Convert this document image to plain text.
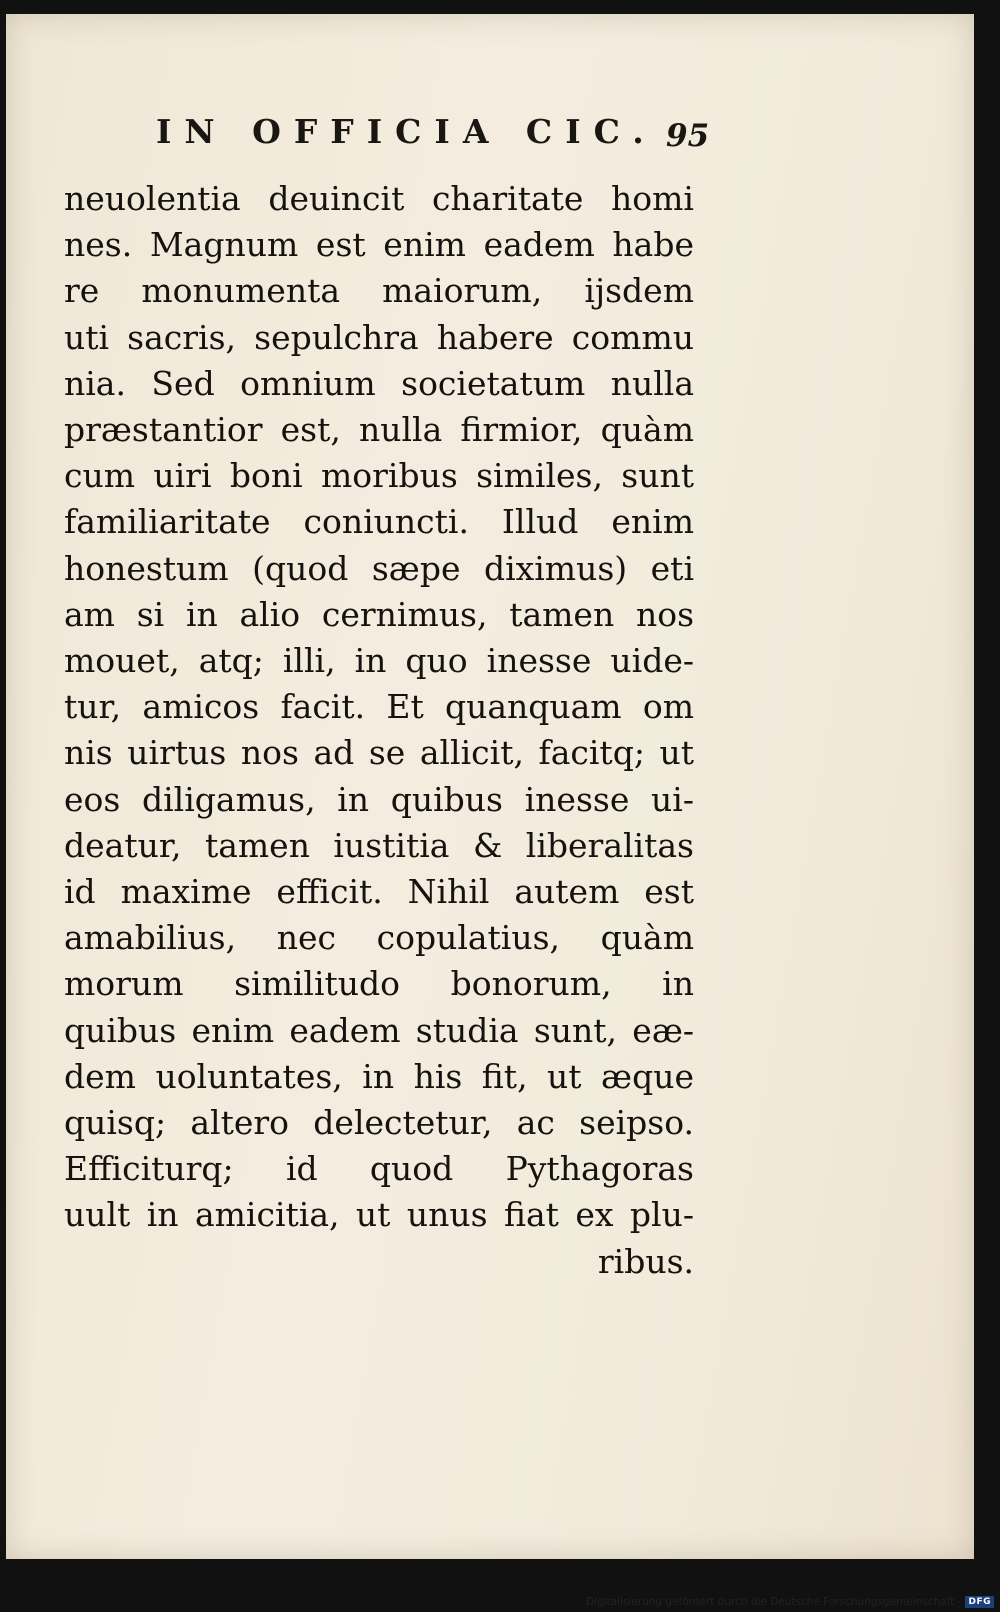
IN OFFICIA CIC. 95
neuolentia deuincit charitate homi
nes. Magnum est enim eadem habe
re monumenta maiorum, ijsdem
uti sacris, sepulchra habere commu
nia. Sed omnium societatum nulla
præstantior est, nulla firmior, quàm
cum uiri boni moribus similes, sunt
familiaritate coniuncti. Illud enim
honestum (quod sæpe diximus) eti
am si in alio cernimus, tamen nos
mouet, atq; illi, in quo inesse uide-
tur, amicos facit. Et quanquam om
nis uirtus nos ad se allicit, facitq; ut
eos diligamus, in quibus inesse ui-
deatur, tamen iustitia & liberalitas
id maxime efficit. Nihil autem est
amabilius, nec copulatius, quàm
morum similitudo bonorum, in
quibus enim eadem studia sunt, eæ-
dem uoluntates, in his fit, ut æque
quisq; altero delectetur, ac seipso.
Efficiturq; id quod Pythagoras
uult in amicitia, ut unus fiat ex plu-
ribus.
Digitalisierung gefördert durch die Deutsche Forschungsgemeinschaft - DFG
